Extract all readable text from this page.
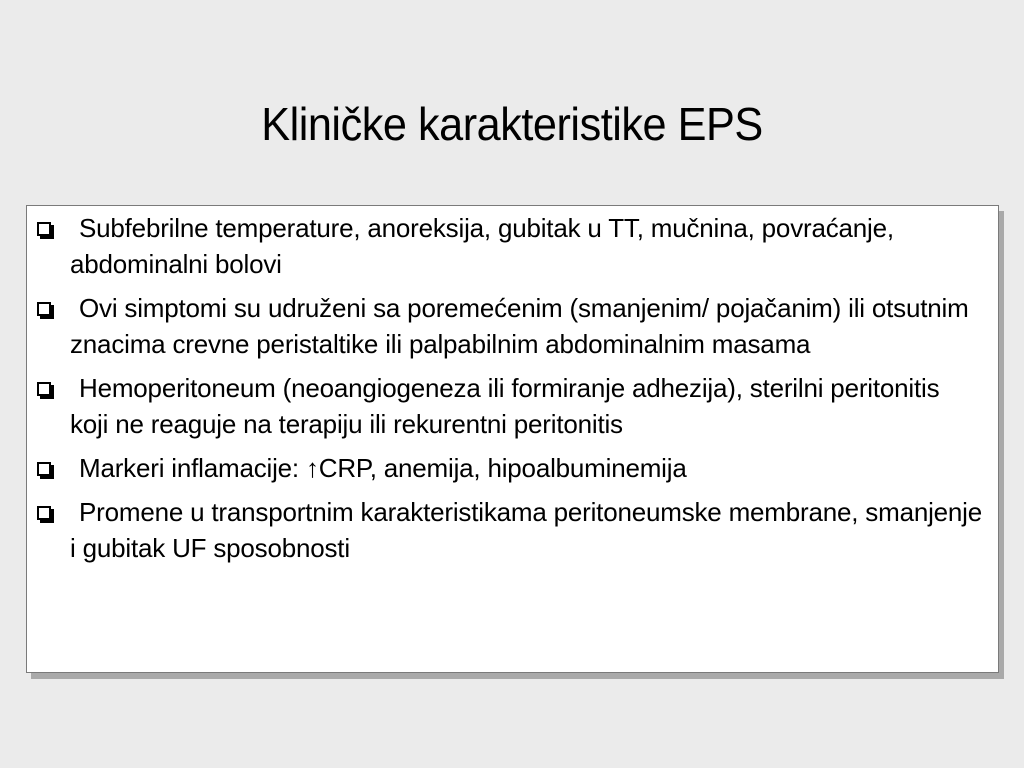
Kliničke karakteristike EPS
Subfebrilne temperature, anoreksija, gubitak u TT, mučnina, povraćanje, abdominalni bolovi
Ovi simptomi su udruženi sa poremećenim (smanjenim/ pojačanim) ili otsutnim znacima crevne peristaltike ili palpabilnim abdominalnim masama
Hemoperitoneum (neoangiogeneza ili formiranje adhezija), sterilni peritonitis koji ne reaguje na terapiju ili rekurentni peritonitis
Markeri inflamacije: ↑CRP, anemija, hipoalbuminemija
Promene u transportnim karakteristikama peritoneumske membrane, smanjenje i gubitak UF sposobnosti
